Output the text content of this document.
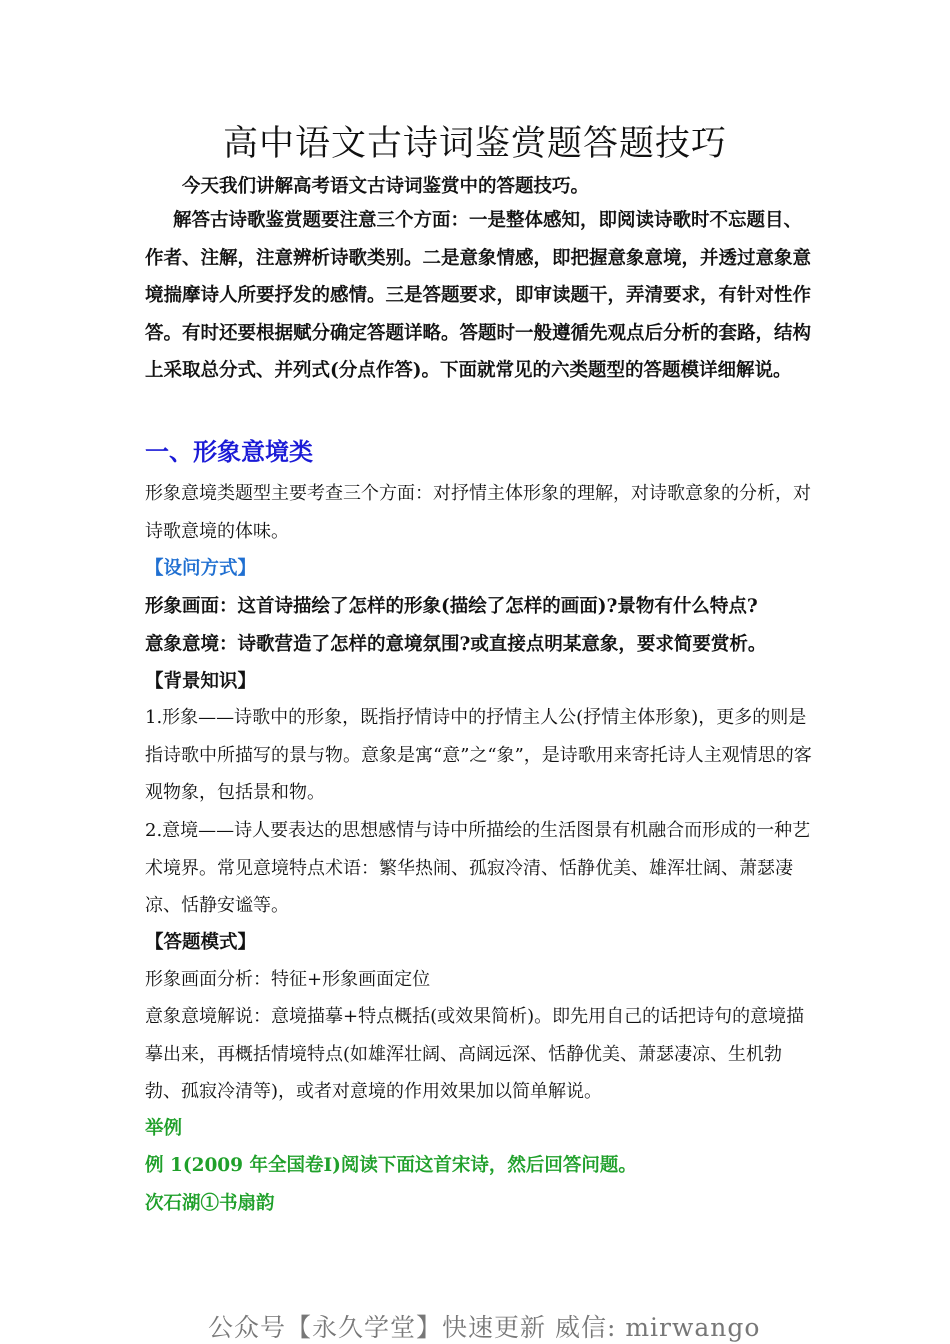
高中语文古诗词鉴赏题答题技巧
今天我们讲解高考语文古诗词鉴赏中的答题技巧。
解答古诗歌鉴赏题要注意三个方面：一是整体感知，即阅读诗歌时不忘题目、作者、注解，注意辨析诗歌类别。二是意象情感，即把握意象意境，并透过意象意境揣摩诗人所要抒发的感情。三是答题要求，即审读题干，弄清要求，有针对性作答。有时还要根据赋分确定答题详略。答题时一般遵循先观点后分析的套路，结构上采取总分式、并列式(分点作答)。下面就常见的六类题型的答题模详细解说。
一、形象意境类
形象意境类题型主要考查三个方面：对抒情主体形象的理解，对诗歌意象的分析，对诗歌意境的体味。
【设问方式】
形象画面：这首诗描绘了怎样的形象(描绘了怎样的画面)?景物有什么特点?
意象意境：诗歌营造了怎样的意境氛围?或直接点明某意象，要求简要赏析。
【背景知识】
1.形象——诗歌中的形象，既指抒情诗中的抒情主人公(抒情主体形象)，更多的则是指诗歌中所描写的景与物。意象是寓“意”之“象”，是诗歌用来寄托诗人主观情思的客观物象，包括景和物。
2.意境——诗人要表达的思想感情与诗中所描绘的生活图景有机融合而形成的一种艺术境界。常见意境特点术语：繁华热闹、孤寂冷清、恬静优美、雄浑壮阔、萧瑟凄凉、恬静安谧等。
【答题模式】
形象画面分析：特征+形象画面定位
意象意境解说：意境描摹+特点概括(或效果简析)。即先用自己的话把诗句的意境描摹出来，再概括情境特点(如雄浑壮阔、高阔远深、恬静优美、萧瑟凄凉、生机勃勃、孤寂冷清等)，或者对意境的作用效果加以简单解说。
举例
例 1(2009 年全国卷Ⅰ)阅读下面这首宋诗，然后回答问题。
次石湖①书扇韵
公众号【永久学堂】快速更新 威信: mirwango
